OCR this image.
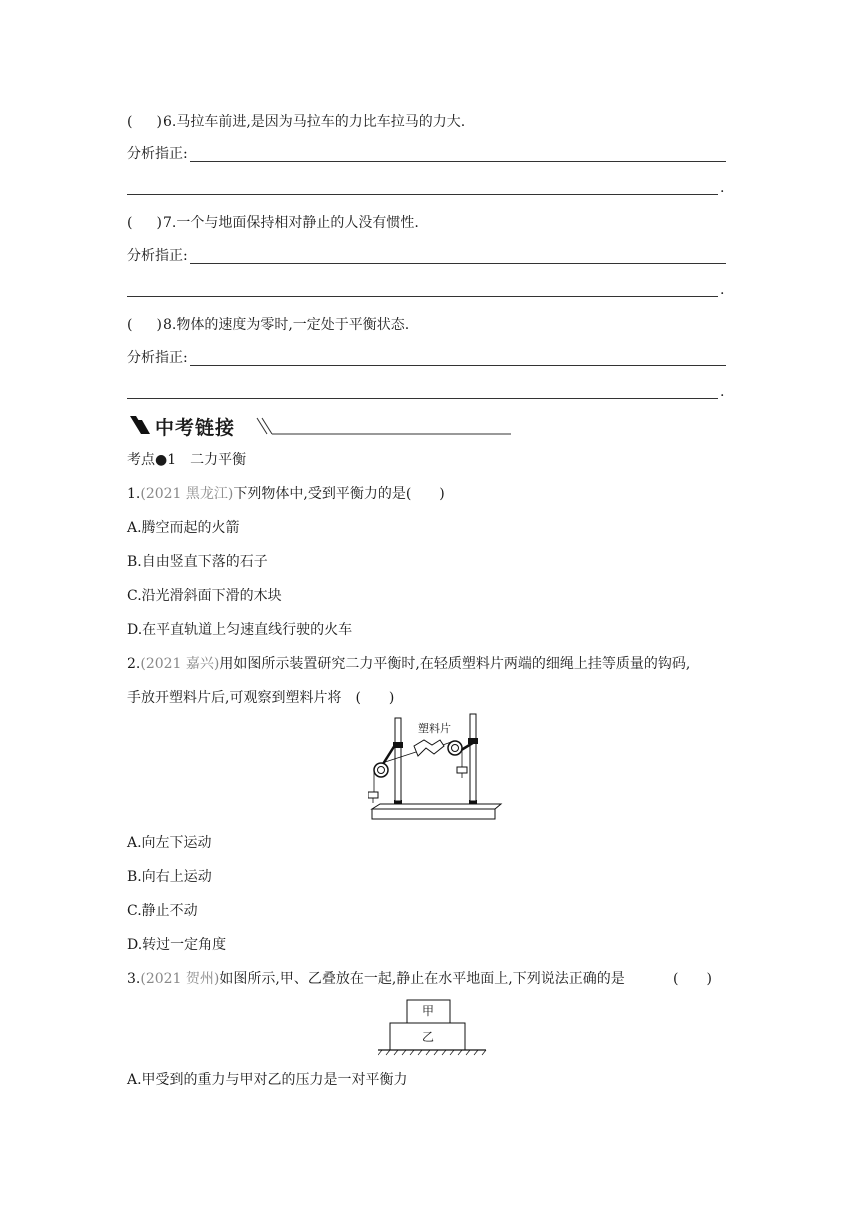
( )6.马拉车前进,是因为马拉车的力比车拉马的力大.
分析指正:
.
( )7.一个与地面保持相对静止的人没有惯性.
分析指正:
.
( )8.物体的速度为零时,一定处于平衡状态.
分析指正:
.
中考链接
考点●1　二力平衡
1.(2021 黑龙江)下列物体中,受到平衡力的是(　　)
A.腾空而起的火箭
B.自由竖直下落的石子
C.沿光滑斜面下滑的木块
D.在平直轨道上匀速直线行驶的火车
2.(2021 嘉兴)用如图所示装置研究二力平衡时,在轻质塑料片两端的细绳上挂等质量的钩码,
手放开塑料片后,可观察到塑料片将　(　　)
塑料片
A.向左下运动
B.向右上运动
C.静止不动
D.转过一定角度
3.(2021 贺州)如图所示,甲、乙叠放在一起,静止在水平地面上,下列说法正确的是	(　　)
甲
乙
A.甲受到的重力与甲对乙的压力是一对平衡力
